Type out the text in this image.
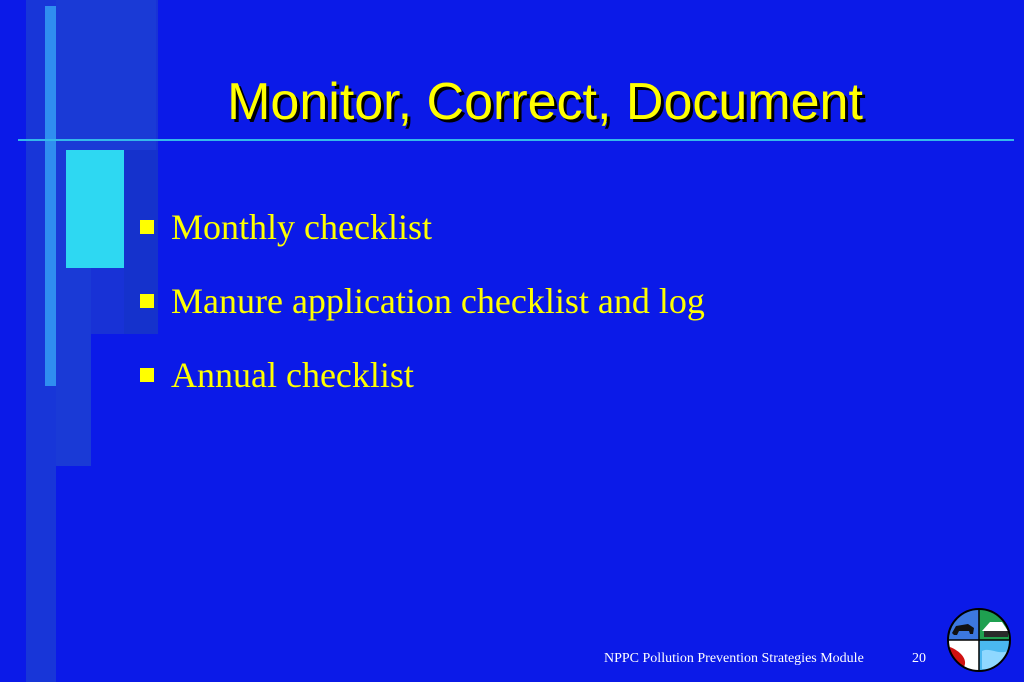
Monitor, Correct, Document
Monthly checklist
Manure application checklist and log
Annual checklist
NPPC Pollution Prevention Strategies Module	20
